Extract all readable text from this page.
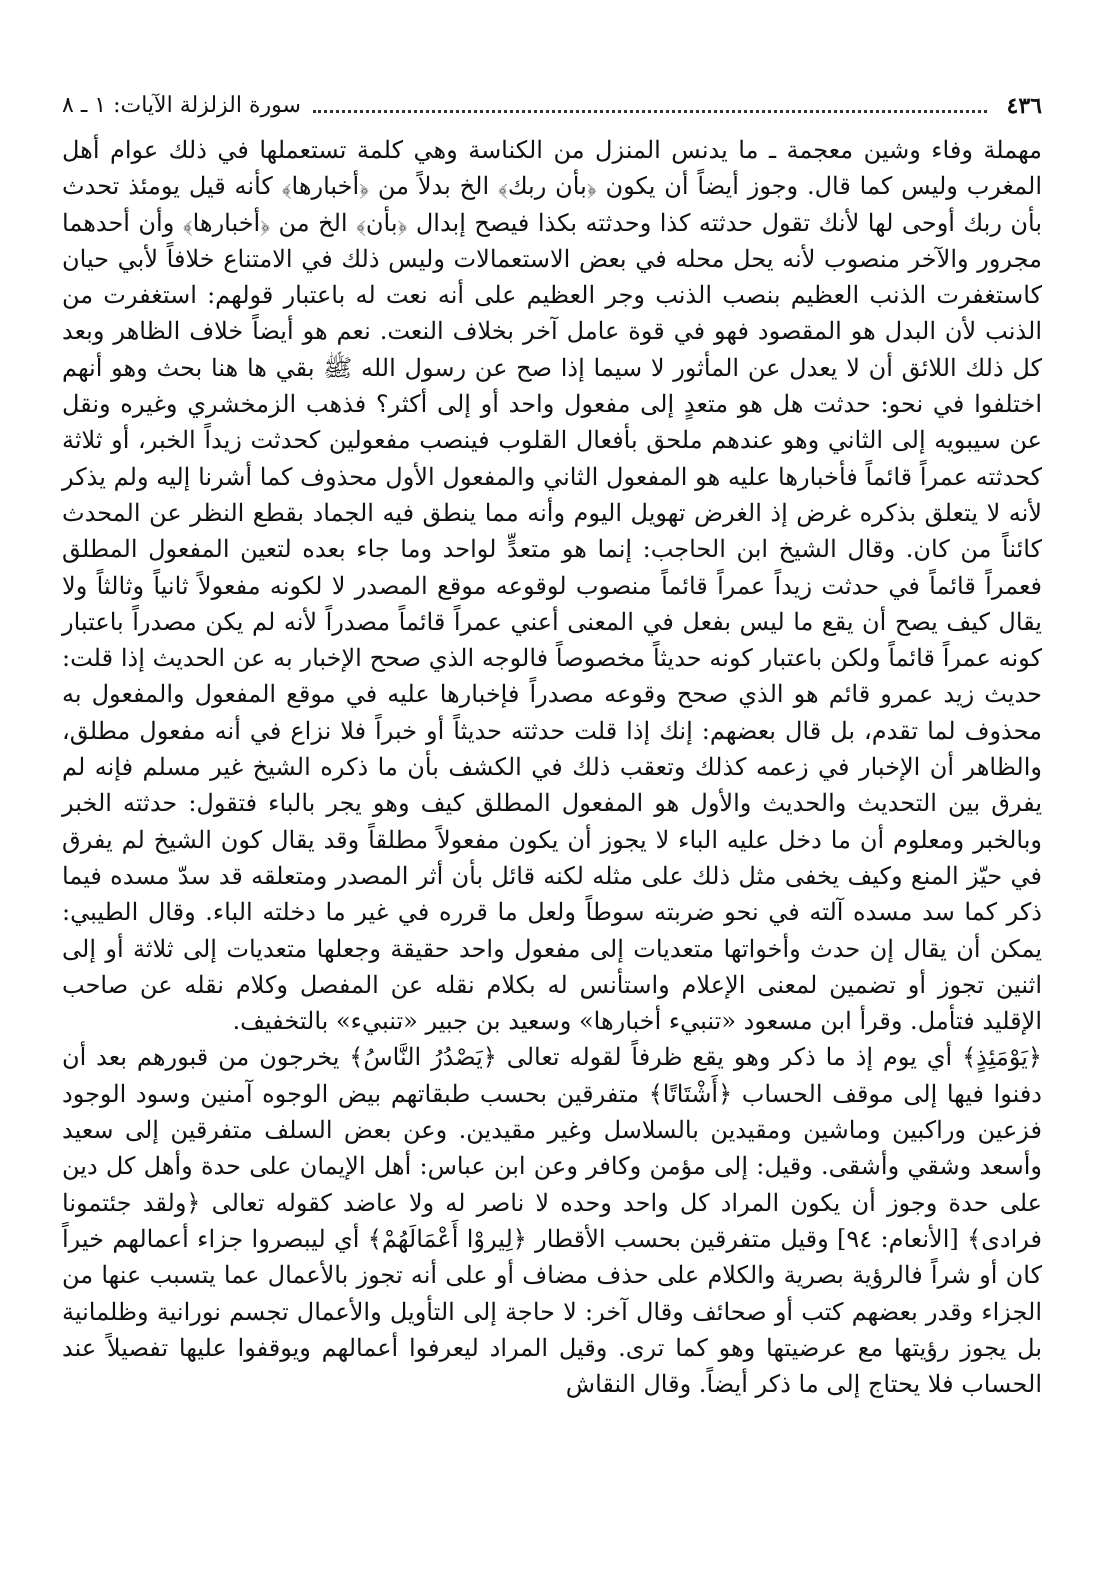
٤٣٦
سورة الزلزلة الآيات: ١ ـ ٨

مهملة وفاء وشين معجمة ـ ما يدنس المنزل من الكناسة وهي كلمة تستعملها في ذلك عوام أهل المغرب وليس كما قال. وجوز أيضاً أن يكون ﴿بأن ربك﴾ الخ بدلاً من ﴿أخبارها﴾ كأنه قيل يومئذ تحدث بأن ربك أوحى لها لأنك تقول حدثته كذا وحدثته بكذا فيصح إبدال ﴿بأن﴾ الخ من ﴿أخبارها﴾ وأن أحدهما مجرور والآخر منصوب لأنه يحل محله في بعض الاستعمالات وليس ذلك في الامتناع خلافاً لأبي حيان كاستغفرت الذنب العظيم بنصب الذنب وجر العظيم على أنه نعت له باعتبار قولهم: استغفرت من الذنب لأن البدل هو المقصود فهو في قوة عامل آخر بخلاف النعت. نعم هو أيضاً خلاف الظاهر وبعد كل ذلك اللائق أن لا يعدل عن المأثور لا سيما إذا صح عن رسول الله ﷺ بقي ها هنا بحث وهو أنهم اختلفوا في نحو: حدثت هل هو متعدٍ إلى مفعول واحد أو إلى أكثر؟ فذهب الزمخشري وغيره ونقل عن سيبويه إلى الثاني وهو عندهم ملحق بأفعال القلوب فينصب مفعولين كحدثت زيداً الخبر، أو ثلاثة كحدثته عمراً قائماً فأخبارها عليه هو المفعول الثاني والمفعول الأول محذوف كما أشرنا إليه ولم يذكر لأنه لا يتعلق بذكره غرض إذ الغرض تهويل اليوم وأنه مما ينطق فيه الجماد بقطع النظر عن المحدث كائناً من كان. وقال الشيخ ابن الحاجب: إنما هو متعدٍّ لواحد وما جاء بعده لتعين المفعول المطلق فعمراً قائماً في حدثت زيداً عمراً قائماً منصوب لوقوعه موقع المصدر لا لكونه مفعولاً ثانياً وثالثاً ولا يقال كيف يصح أن يقع ما ليس بفعل في المعنى أعني عمراً قائماً مصدراً لأنه لم يكن مصدراً باعتبار كونه عمراً قائماً ولكن باعتبار كونه حديثاً مخصوصاً فالوجه الذي صحح الإخبار به عن الحديث إذا قلت: حديث زيد عمرو قائم هو الذي صحح وقوعه مصدراً فإخبارها عليه في موقع المفعول والمفعول به محذوف لما تقدم، بل قال بعضهم: إنك إذا قلت حدثته حديثاً أو خبراً فلا نزاع في أنه مفعول مطلق، والظاهر أن الإخبار في زعمه كذلك وتعقب ذلك في الكشف بأن ما ذكره الشيخ غير مسلم فإنه لم يفرق بين التحديث والحديث والأول هو المفعول المطلق كيف وهو يجر بالباء فتقول: حدثته الخبر وبالخبر ومعلوم أن ما دخل عليه الباء لا يجوز أن يكون مفعولاً مطلقاً وقد يقال كون الشيخ لم يفرق في حيّز المنع وكيف يخفى مثل ذلك على مثله لكنه قائل بأن أثر المصدر ومتعلقه قد سدّ مسده فيما ذكر كما سد مسده آلته في نحو ضربته سوطاً ولعل ما قرره في غير ما دخلته الباء. وقال الطيبي: يمكن أن يقال إن حدث وأخواتها متعديات إلى مفعول واحد حقيقة وجعلها متعديات إلى ثلاثة أو إلى اثنين تجوز أو تضمين لمعنى الإعلام واستأنس له بكلام نقله عن المفصل وكلام نقله عن صاحب الإقليد فتأمل. وقرأ ابن مسعود «تنبيء أخبارها» وسعيد بن جبير «تنبيء» بالتخفيف.

﴿يَوْمَئِذٍ﴾ أي يوم إذ ما ذكر وهو يقع ظرفاً لقوله تعالى ﴿يَصْدُرُ النَّاسُ﴾ يخرجون من قبورهم بعد أن دفنوا فيها إلى موقف الحساب ﴿أَشْتَاتًا﴾ متفرقين بحسب طبقاتهم بيض الوجوه آمنين وسود الوجود فزعين وراكبين وماشين ومقيدين بالسلاسل وغير مقيدين. وعن بعض السلف متفرقين إلى سعيد وأسعد وشقي وأشقى. وقيل: إلى مؤمن وكافر وعن ابن عباس: أهل الإيمان على حدة وأهل كل دين على حدة وجوز أن يكون المراد كل واحد وحده لا ناصر له ولا عاضد كقوله تعالى ﴿ولقد جئتمونا فرادى﴾ [الأنعام: ٩٤] وقيل متفرقين بحسب الأقطار ﴿لِيروْا أَعْمَالَهُمْ﴾ أي ليبصروا جزاء أعمالهم خيراً كان أو شراً فالرؤية بصرية والكلام على حذف مضاف أو على أنه تجوز بالأعمال عما يتسبب عنها من الجزاء وقدر بعضهم كتب أو صحائف وقال آخر: لا حاجة إلى التأويل والأعمال تجسم نورانية وظلمانية بل يجوز رؤيتها مع عرضيتها وهو كما ترى. وقيل المراد ليعرفوا أعمالهم ويوقفوا عليها تفصيلاً عند الحساب فلا يحتاج إلى ما ذكر أيضاً. وقال النقاش
